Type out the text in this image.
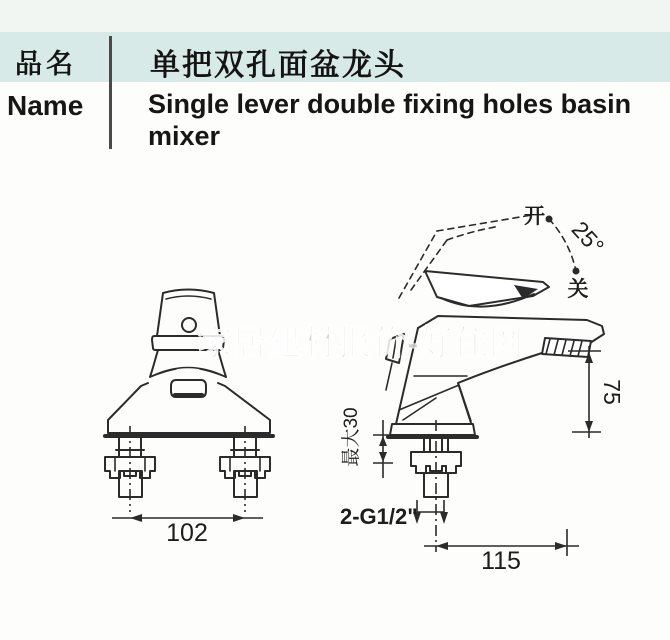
品名 单把双孔面盆龙头
Name Single lever double fixing holes basin mixer
102
开
关
25°
75
最大30
2-G1/2"
115
家居建材报价-好住网
